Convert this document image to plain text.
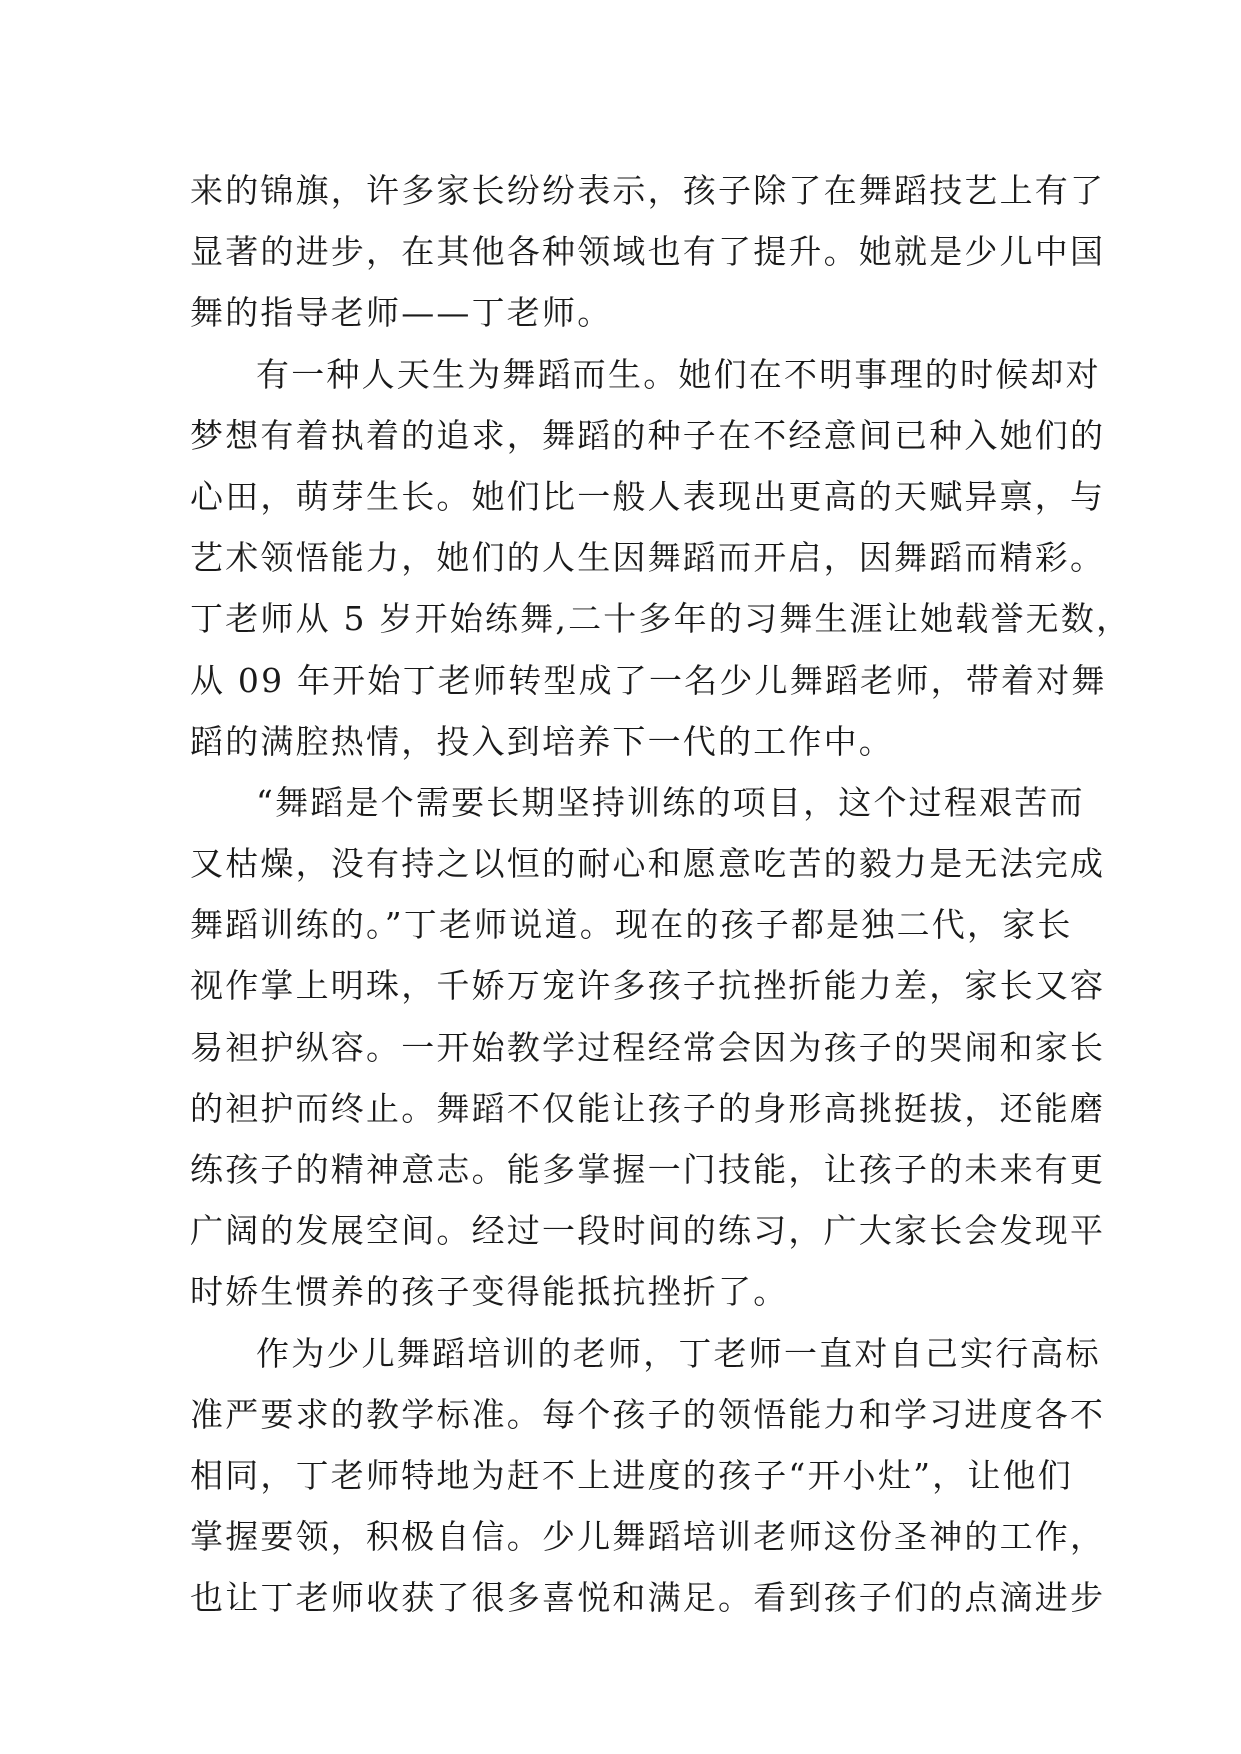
来的锦旗，许多家长纷纷表示，孩子除了在舞蹈技艺上有了
显著的进步，在其他各种领域也有了提升。她就是少儿中国
舞的指导老师——丁老师。
有一种人天生为舞蹈而生。她们在不明事理的时候却对
梦想有着执着的追求，舞蹈的种子在不经意间已种入她们的
心田，萌芽生长。她们比一般人表现出更高的天赋异禀，与
艺术领悟能力，她们的人生因舞蹈而开启，因舞蹈而精彩。
丁老师从 5 岁开始练舞,二十多年的习舞生涯让她载誉无数，
从 09 年开始丁老师转型成了一名少儿舞蹈老师，带着对舞
蹈的满腔热情，投入到培养下一代的工作中。
“舞蹈是个需要长期坚持训练的项目，这个过程艰苦而
又枯燥，没有持之以恒的耐心和愿意吃苦的毅力是无法完成
舞蹈训练的。”丁老师说道。现在的孩子都是独二代，家长
视作掌上明珠，千娇万宠许多孩子抗挫折能力差，家长又容
易袒护纵容。一开始教学过程经常会因为孩子的哭闹和家长
的袒护而终止。舞蹈不仅能让孩子的身形高挑挺拔，还能磨
练孩子的精神意志。能多掌握一门技能，让孩子的未来有更
广阔的发展空间。经过一段时间的练习，广大家长会发现平
时娇生惯养的孩子变得能抵抗挫折了。
作为少儿舞蹈培训的老师，丁老师一直对自己实行高标
准严要求的教学标准。每个孩子的领悟能力和学习进度各不
相同，丁老师特地为赶不上进度的孩子“开小灶”，让他们
掌握要领，积极自信。少儿舞蹈培训老师这份圣神的工作，
也让丁老师收获了很多喜悦和满足。看到孩子们的点滴进步
